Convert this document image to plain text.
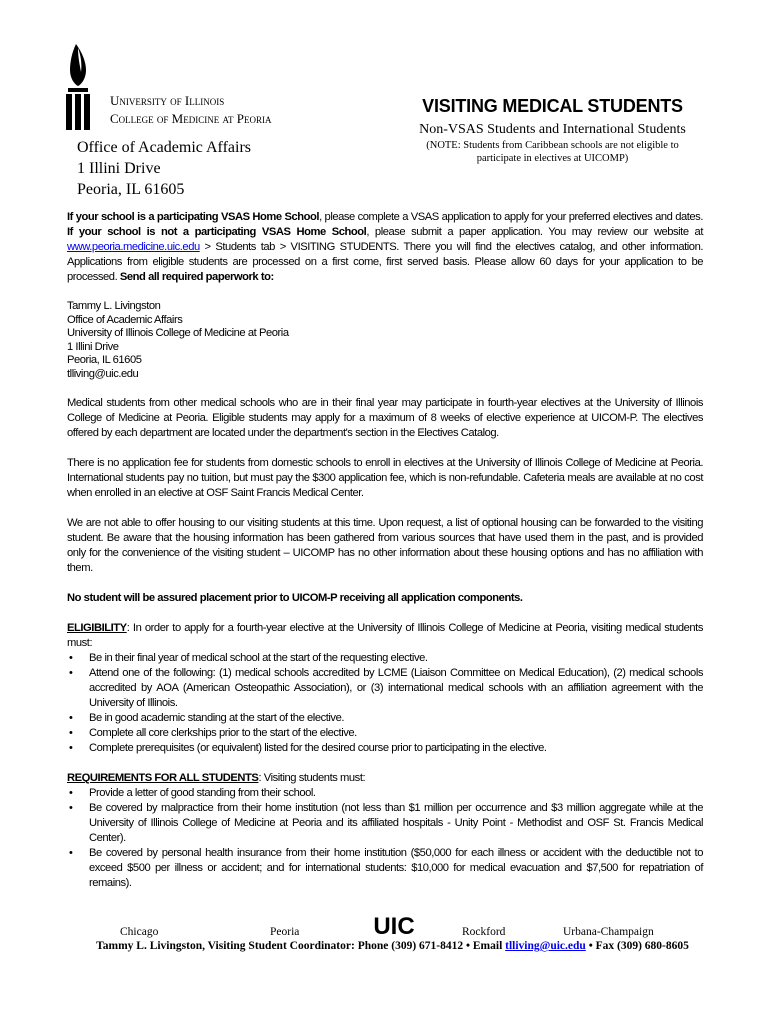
University of Illinois
College of Medicine at Peoria
Office of Academic Affairs
1 Illini Drive
Peoria, IL 61605
VISITING MEDICAL STUDENTS
Non-VSAS Students and International Students
(NOTE: Students from Caribbean schools are not eligible to participate in electives at UICOMP)

If your school is a participating VSAS Home School, please complete a VSAS application to apply for your preferred electives and dates. If your school is not a participating VSAS Home School, please submit a paper application. You may review our website at www.peoria.medicine.uic.edu > Students tab > VISITING STUDENTS. There you will find the electives catalog, and other information. Applications from eligible students are processed on a first come, first served basis. Please allow 60 days for your application to be processed. Send all required paperwork to:

Tammy L. Livingston
Office of Academic Affairs
University of Illinois College of Medicine at Peoria
1 Illini Drive
Peoria, IL 61605
tlliving@uic.edu

Medical students from other medical schools who are in their final year may participate in fourth-year electives at the University of Illinois College of Medicine at Peoria. Eligible students may apply for a maximum of 8 weeks of elective experience at UICOM-P. The electives offered by each department are located under the department's section in the Electives Catalog.

There is no application fee for students from domestic schools to enroll in electives at the University of Illinois College of Medicine at Peoria. International students pay no tuition, but must pay the $300 application fee, which is non-refundable. Cafeteria meals are available at no cost when enrolled in an elective at OSF Saint Francis Medical Center.

We are not able to offer housing to our visiting students at this time. Upon request, a list of optional housing can be forwarded to the visiting student. Be aware that the housing information has been gathered from various sources that have used them in the past, and is provided only for the convenience of the visiting student – UICOMP has no other information about these housing options and has no affiliation with them.

No student will be assured placement prior to UICOM-P receiving all application components.

ELIGIBILITY: In order to apply for a fourth-year elective at the University of Illinois College of Medicine at Peoria, visiting medical students must:

• Be in their final year of medical school at the start of the requesting elective.
• Attend one of the following: (1) medical schools accredited by LCME (Liaison Committee on Medical Education), (2) medical schools accredited by AOA (American Osteopathic Association), or (3) international medical schools with an affiliation agreement with the University of Illinois.
• Be in good academic standing at the start of the elective.
• Complete all core clerkships prior to the start of the elective.
• Complete prerequisites (or equivalent) listed for the desired course prior to participating in the elective.

REQUIREMENTS FOR ALL STUDENTS: Visiting students must:

• Provide a letter of good standing from their school.
• Be covered by malpractice from their home institution (not less than $1 million per occurrence and $3 million aggregate while at the University of Illinois College of Medicine at Peoria and its affiliated hospitals - Unity Point - Methodist and OSF St. Francis Medical Center).
• Be covered by personal health insurance from their home institution ($50,000 for each illness or accident with the deductible not to exceed $500 per illness or accident; and for international students: $10,000 for medical evacuation and $7,500 for repatriation of remains).
Chicago	Peoria	UIC	Rockford	Urbana-Champaign
Tammy L. Livingston, Visiting Student Coordinator: Phone (309) 671-8412 • Email tlliving@uic.edu • Fax (309) 680-8605
